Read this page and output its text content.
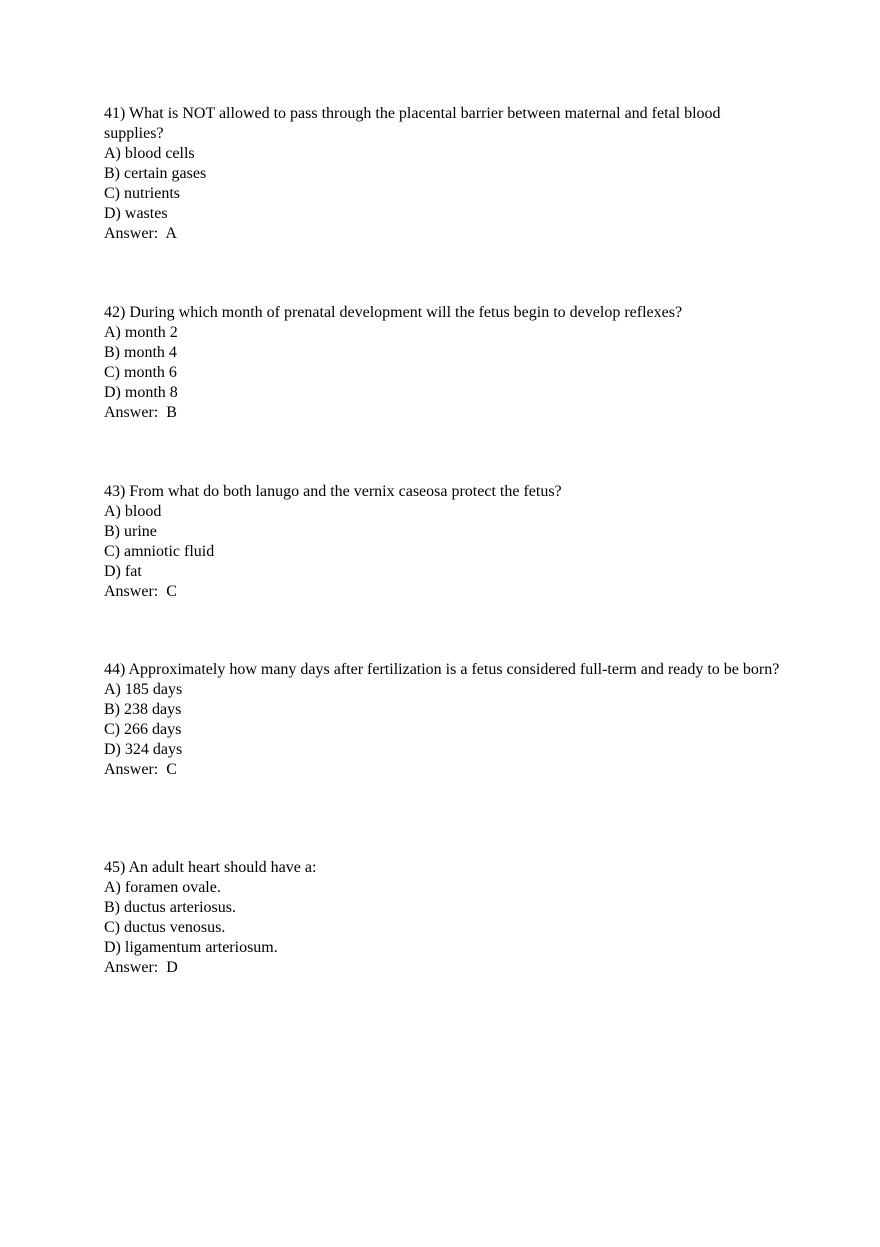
41) What is NOT allowed to pass through the placental barrier between maternal and fetal blood supplies?
A) blood cells
B) certain gases
C) nutrients
D) wastes
Answer:  A
42) During which month of prenatal development will the fetus begin to develop reflexes?
A) month 2
B) month 4
C) month 6
D) month 8
Answer:  B
43) From what do both lanugo and the vernix caseosa protect the fetus?
A) blood
B) urine
C) amniotic fluid
D) fat
Answer:  C
44) Approximately how many days after fertilization is a fetus considered full-term and ready to be born?
A) 185 days
B) 238 days
C) 266 days
D) 324 days
Answer:  C
45) An adult heart should have a:
A) foramen ovale.
B) ductus arteriosus.
C) ductus venosus.
D) ligamentum arteriosum.
Answer:  D
